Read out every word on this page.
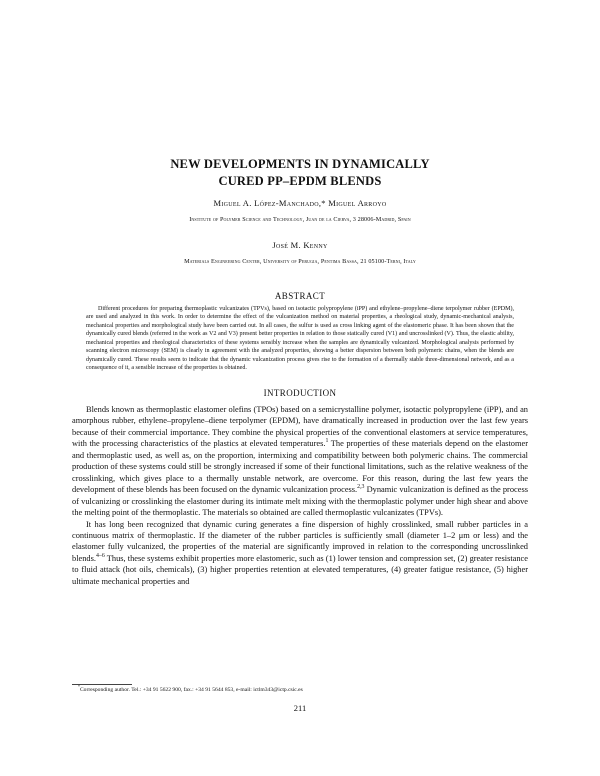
NEW DEVELOPMENTS IN DYNAMICALLY
CURED PP–EPDM BLENDS
Miguel A. López-Manchado,* Miguel Arroyo
Institute of Polymer Science and Technology, Juan de la Cierva, 3 28006-Madrid, Spain
José M. Kenny
Materials Engineering Center, University of Perugia, Pentima Bassa, 21 05100-Terni, Italy
ABSTRACT

Different procedures for preparing thermoplastic vulcanizates (TPVs), based on isotactic polypropylene (iPP) and ethylene–propylene–diene terpolymer rubber (EPDM), are used and analyzed in this work. In order to determine the effect of the vulcanization method on material properties, a rheological study, dynamic-mechanical analysis, mechanical properties and morphological study have been carried out. In all cases, the sulfur is used as cross linking agent of the elastomeric phase. It has been shown that the dynamically cured blends (referred in the work as V2 and V3) present better properties in relation to those statically cured (V1) and uncrosslinked (V). Thus, the elastic ability, mechanical properties and rheological characteristics of these systems sensibly increase when the samples are dynamically vulcanized. Morphological analysis performed by scanning electron microscopy (SEM) is clearly in agreement with the analyzed properties, showing a better dispersion between both polymeric chains, when the blends are dynamically cured. These results seem to indicate that the dynamic vulcanization process gives rise to the formation of a thermally stable three-dimensional network, and as a consequence of it, a sensible increase of the properties is obtained.

INTRODUCTION

Blends known as thermoplastic elastomer olefins (TPOs) based on a semicrystalline polymer, isotactic polypropylene (iPP), and an amorphous rubber, ethylene–propylene–diene terpolymer (EPDM), have dramatically increased in production over the last few years because of their commercial importance. They combine the physical properties of the conventional elastomers at service temperatures, with the processing characteristics of the plastics at elevated temperatures.$^1$ The properties of these materials depend on the elastomer and thermoplastic used, as well as, on the proportion, intermixing and compatibility between both polymeric chains. The commercial production of these systems could still be strongly increased if some of their functional limitations, such as the relative weakness of the crosslinking, which gives place to a thermally unstable network, are overcome. For this reason, during the last few years the development of these blends has been focused on the dynamic vulcanization process.$^{2,3}$ Dynamic vulcanization is defined as the process of vulcanizing or crosslinking the elastomer during its intimate melt mixing with the thermoplastic polymer under high shear and above the melting point of the thermoplastic. The materials so obtained are called thermoplastic vulcanizates (TPVs).

It has long been recognized that dynamic curing generates a fine dispersion of highly crosslinked, small rubber particles in a continuous matrix of thermoplastic. If the diameter of the rubber particles is sufficiently small (diameter 1–2 μm or less) and the elastomer fully vulcanized, the properties of the material are significantly improved in relation to the corresponding uncrosslinked blends.$^{4-6}$ Thus, these systems exhibit properties more elastomeric, such as (1) lower tension and compression set, (2) greater resistance to fluid attack (hot oils, chemicals), (3) higher properties retention at elevated temperatures, (4) greater fatigue resistance, (5) higher ultimate mechanical properties and

*Corresponding author. Tel.: +34 91 5622 900, fax.: +34 91 5644 853, e-mail: ictlm343@ictp.csic.es
211
